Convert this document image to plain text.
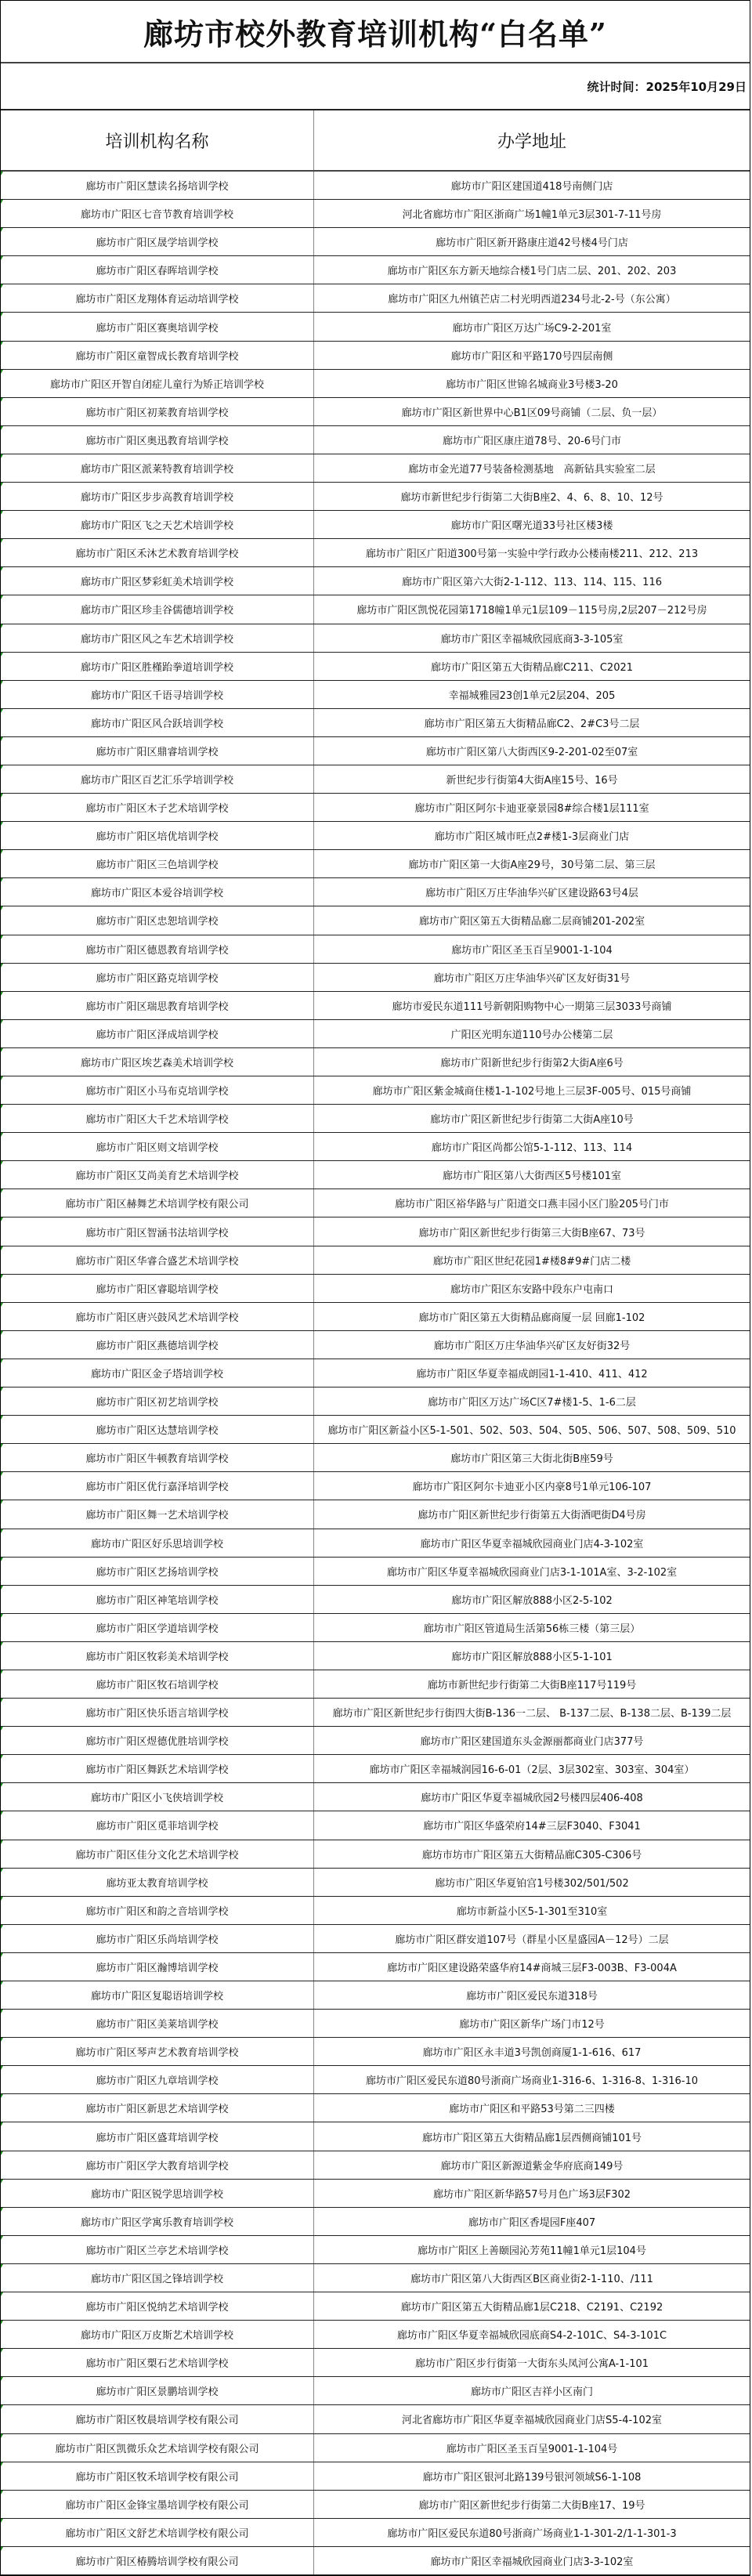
廊坊市校外教育培训机构“白名单”
统计时间：2025年10月29日
培训机构名称	办学地址
廊坊市广阳区慧读名扬培训学校	廊坊市广阳区建国道418号南侧门店
廊坊市广阳区七音节教育培训学校	河北省廊坊市广阳区浙商广场1幢1单元3层301-7-11号房
廊坊市广阳区晟学培训学校	廊坊市广阳区新开路康庄道42号楼4号门店
廊坊市广阳区春晖培训学校	廊坊市广阳区东方新天地综合楼1号门店二层、201、202、203
廊坊市广阳区龙翔体育运动培训学校	廊坊市广阳区九州镇芒店二村光明西道234号北-2-号（东公寓）
廊坊市广阳区赛奥培训学校	廊坊市广阳区万达广场C9-2-201室
廊坊市广阳区童智成长教育培训学校	廊坊市广阳区和平路170号四层南侧
廊坊市广阳区开智自闭症儿童行为矫正培训学校	廊坊市广阳区世锦名城商业3号楼3-20
廊坊市广阳区初莱教育培训学校	廊坊市广阳区新世界中心B1区09号商铺（二层、负一层）
廊坊市广阳区奥迅教育培训学校	廊坊市广阳区康庄道78号、20-6号门市
廊坊市广阳区派莱特教育培训学校	廊坊市金光道77号装备检测基地　高新钻具实验室二层
廊坊市广阳区步步高教育培训学校	廊坊市新世纪步行街第二大街B座2、4、6、8、10、12号
廊坊市广阳区飞之天艺术培训学校	廊坊市广阳区曙光道33号社区楼3楼
廊坊市广阳区禾沐艺术教育培训学校	廊坊市广阳区广阳道300号第一实验中学行政办公楼南楼211、212、213
廊坊市广阳区梦彩虹美术培训学校	廊坊市广阳区第六大街2-1-112、113、114、115、116
廊坊市广阳区珍圭谷儒德培训学校	廊坊市广阳区凯悦花园第1718幢1单元1层109－115号房,2层207－212号房
廊坊市广阳区风之车艺术培训学校	廊坊市广阳区幸福城欣园底商3-3-105室
廊坊市广阳区胜槿跆拳道培训学校	廊坊市广阳区第五大街精品廊C211、C2021
廊坊市广阳区千语寻培训学校	幸福城雅园23创1单元2层204、205
廊坊市广阳区风合跃培训学校	廊坊市广阳区第五大街精品廊C2、2#C3号二层
廊坊市广阳区鼎睿培训学校	廊坊市广阳区第八大街西区9-2-201-02至07室
廊坊市广阳区百艺汇乐学培训学校	新世纪步行街第4大街A座15号、16号
廊坊市广阳区木子艺术培训学校	廊坊市广阳区阿尔卡迪亚豪景园8#综合楼1层111室
廊坊市广阳区培优培训学校	廊坊市广阳区城市旺点2#楼1-3层商业门店
廊坊市广阳区三色培训学校	廊坊市广阳区第一大街A座29号，30号第二层、第三层
廊坊市广阳区本爱谷培训学校	廊坊市广阳区万庄华油华兴矿区建设路63号4层
廊坊市广阳区忠恕培训学校	廊坊市广阳区第五大街精品廊二层商铺201-202室
廊坊市广阳区德恩教育培训学校	廊坊市广阳区圣玉百呈9001-1-104
廊坊市广阳区路克培训学校	廊坊市广阳区万庄华油华兴矿区友好街31号
廊坊市广阳区瑞思教育培训学校	廊坊市爱民东道111号新朝阳购物中心一期第三层3033号商铺
廊坊市广阳区泽成培训学校	广阳区光明东道110号办公楼第二层
廊坊市广阳区埃艺森美术培训学校	廊坊市广阳新世纪步行街第2大街A座6号
廊坊市广阳区小马布克培训学校	廊坊市广阳区紫金城商住楼1-1-102号地上三层3F-005号、015号商铺
廊坊市广阳区大千艺术培训学校	廊坊市广阳区新世纪步行街第二大街A座10号
廊坊市广阳区则文培训学校	廊坊市广阳区尚都公馆5-1-112、113、114
廊坊市广阳区艾尚美育艺术培训学校	廊坊市广阳区第八大街西区5号楼101室
廊坊市广阳区赫舞艺术培训学校有限公司	廊坊市广阳区裕华路与广阳道交口燕丰园小区门脸205号门市
廊坊市广阳区智涵书法培训学校	廊坊市广阳区新世纪步行街第三大街B座67、73号
廊坊市广阳区华睿合盛艺术培训学校	廊坊市广阳区世纪花园1#楼8#9#门店二楼
廊坊市广阳区睿聪培训学校	廊坊市广阳区东安路中段东户屯南口
廊坊市广阳区唐兴鼓风艺术培训学校	廊坊市广阳区第五大街精品廊商厦一层 回廊1-102
廊坊市广阳区燕德培训学校	廊坊市广阳区万庄华油华兴矿区友好街32号
廊坊市广阳区金子塔培训学校	廊坊市广阳区华夏幸福成朗园1-1-410、411、412
廊坊市广阳区初艺培训学校	廊坊市广阳区万达广场C区7#楼1-5、1-6二层
廊坊市广阳区达慧培训学校	廊坊市广阳区新益小区5-1-501、502、503、504、505、506、507、508、509、510
廊坊市广阳区牛顿教育培训学校	廊坊市广阳区第三大街北街B座59号
廊坊市广阳区优行嘉泽培训学校	廊坊市广阳区阿尔卡迪亚小区内豪8号1单元106-107
廊坊市广阳区舞一艺术培训学校	廊坊市广阳区新世纪步行街第五大街酒吧街D4号房
廊坊市广阳区好乐思培训学校	廊坊市广阳区华夏幸福城欣园商业门店4-3-102室
廊坊市广阳区艺扬培训学校	廊坊市广阳区华夏幸福城欣园商业门店3-1-101A室、3-2-102室
廊坊市广阳区神笔培训学校	廊坊市广阳区解放888小区2-5-102
廊坊市广阳区学道培训学校	廊坊市广阳区管道局生活第56栋三楼（第三层）
廊坊市广阳区牧彩美术培训学校	廊坊市广阳区解放888小区5-1-101
廊坊市广阳区牧石培训学校	廊坊市新世纪步行街第二大街B座117号119号
廊坊市广阳区快乐语言培训学校	廊坊市广阳区新世纪步行街四大街B-136一二层、 B-137二层、B-138二层、B-139二层
廊坊市广阳区煜德优胜培训学校	廊坊市广阳区建国道东头金源丽都商业门店377号
廊坊市广阳区舞跃艺术培训学校	廊坊市广阳区幸福城润园16-6-01（2层、3层302室、303室、304室）
廊坊市广阳区小飞侠培训学校	廊坊市广阳区华夏幸福城欣园2号楼四层406-408
廊坊市广阳区觅菲培训学校	廊坊市广阳区华盛荣府14#三层F3040、F3041
廊坊市广阳区佳分文化艺术培训学校	廊坊市坊市广阳区第五大街精品廊C305-C306号
廊坊亚太教育培训学校	廊坊市广阳区华夏铂宫1号楼302/501/502
廊坊市广阳区和韵之音培训学校	廊坊市新益小区5-1-301至310室
廊坊市广阳区乐尚培训学校	廊坊市广阳区群安道107号（群星小区星盛园A－12号）二层
廊坊市广阳区瀚博培训学校	廊坊市广阳区建设路荣盛华府14#商城三层F3-003B、F3-004A
廊坊市广阳区复聪语培训学校	廊坊市广阳区爱民东道318号
廊坊市广阳区美莱培训学校	廊坊市广阳区新华广场门市12号
廊坊市广阳区琴声艺术教育培训学校	廊坊市广阳区永丰道3号凯创商厦1-1-616、617
廊坊市广阳区九章培训学校	廊坊市广阳区爱民东道80号浙商广场商业1-316-6、1-316-8、1-316-10
廊坊市广阳区新思艺术培训学校	廊坊市广阳区和平路53号第二三四楼
廊坊市广阳区盛茸培训学校	廊坊市广阳区第五大街精品廊1层西侧商铺101号
廊坊市广阳区学大教育培训学校	廊坊市广阳区新源道紫金华府底商149号
廊坊市广阳区锐学思培训学校	廊坊市广阳区新华路57号月色广场3层F302
廊坊市广阳区学寓乐教育培训学校	廊坊市广阳区香堤园F座407
廊坊市广阳区兰亭艺术培训学校	廊坊市广阳区上善颐园沁芳苑11幢1单元1层104号
廊坊市广阳区国之锋培训学校	廊坊市广阳区第八大街西区B区商业街2-1-110、/111
廊坊市广阳区悦纳艺术培训学校	廊坊市广阳区第五大街精品廊1层C218、C2191、C2192
廊坊市广阳区万皮斯艺术培训学校	廊坊市广阳区华夏幸福城欣园底商S4-2-101C、S4-3-101C
廊坊市广阳区槊石艺术培训学校	廊坊市广阳区步行街第一大街东头凤河公寓A-1-101
廊坊市广阳区景鹏培训学校	廊坊市广阳区吉祥小区南门
廊坊市广阳区牧晨培训学校有限公司	河北省廊坊市广阳区华夏幸福城欣园商业门店S5-4-102室
廊坊市广阳区凯微乐众艺术培训学校有限公司	廊坊市广阳区圣玉百呈9001-1-104号
廊坊市广阳区牧禾培训学校有限公司	廊坊市广阳区银河北路139号银河领域S6-1-108
廊坊市广阳区金锋宝墨培训学校有限公司	廊坊市广阳区新世纪步行街第二大街B座17、19号
廊坊市广阳区文舒艺术培训学校有限公司	廊坊市广阳区爱民东道80号浙商广场商业1-1-301-2/1-1-301-3
廊坊市广阳区椿腾培训学校有限公司	廊坊市广阳区幸福城欣园商业门店3-3-102室
